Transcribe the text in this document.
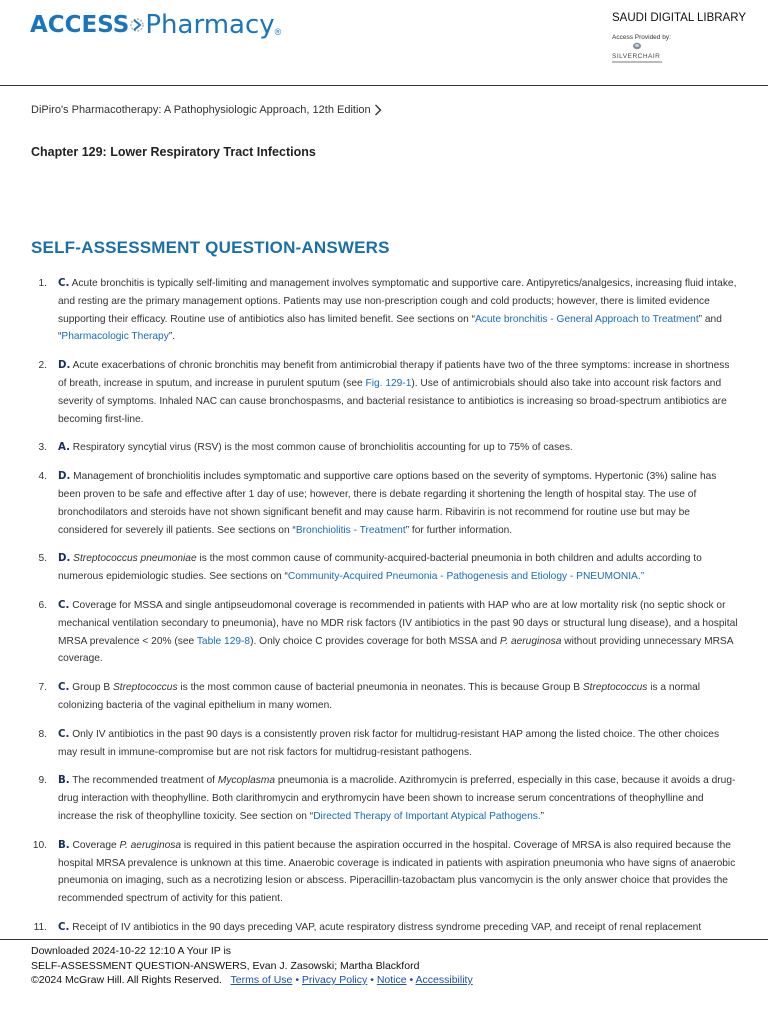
ACCESS Pharmacy ®
SAUDI DIGITAL LIBRARY
Access Provided by:
SILVERCHAIR
DiPiro's Pharmacotherapy: A Pathophysiologic Approach, 12th Edition
Chapter 129: Lower Respiratory Tract Infections
SELF-ASSESSMENT QUESTION-ANSWERS
1. C. Acute bronchitis is typically self-limiting and management involves symptomatic and supportive care. Antipyretics/analgesics, increasing fluid intake, and resting are the primary management options. Patients may use non-prescription cough and cold products; however, there is limited evidence supporting their efficacy. Routine use of antibiotics also has limited benefit. See sections on “Acute bronchitis - General Approach to Treatment” and “Pharmacologic Therapy”.
2. D. Acute exacerbations of chronic bronchitis may benefit from antimicrobial therapy if patients have two of the three symptoms: increase in shortness of breath, increase in sputum, and increase in purulent sputum (see Fig. 129-1). Use of antimicrobials should also take into account risk factors and severity of symptoms. Inhaled NAC can cause bronchospasms, and bacterial resistance to antibiotics is increasing so broad-spectrum antibiotics are becoming first-line.
3. A. Respiratory syncytial virus (RSV) is the most common cause of bronchiolitis accounting for up to 75% of cases.
4. D. Management of bronchiolitis includes symptomatic and supportive care options based on the severity of symptoms. Hypertonic (3%) saline has been proven to be safe and effective after 1 day of use; however, there is debate regarding it shortening the length of hospital stay. The use of bronchodilators and steroids have not shown significant benefit and may cause harm. Ribavirin is not recommend for routine use but may be considered for severely ill patients. See sections on “Bronchiolitis - Treatment” for further information.
5. D. Streptococcus pneumoniae is the most common cause of community-acquired-bacterial pneumonia in both children and adults according to numerous epidemiologic studies. See sections on “Community-Acquired Pneumonia - Pathogenesis and Etiology - PNEUMONIA.”
6. C. Coverage for MSSA and single antipseudomonal coverage is recommended in patients with HAP who are at low mortality risk (no septic shock or mechanical ventilation secondary to pneumonia), have no MDR risk factors (IV antibiotics in the past 90 days or structural lung disease), and a hospital MRSA prevalence < 20% (see Table 129-8). Only choice C provides coverage for both MSSA and P. aeruginosa without providing unnecessary MRSA coverage.
7. C. Group B Streptococcus is the most common cause of bacterial pneumonia in neonates. This is because Group B Streptococcus is a normal colonizing bacteria of the vaginal epithelium in many women.
8. C. Only IV antibiotics in the past 90 days is a consistently proven risk factor for multidrug-resistant HAP among the listed choice. The other choices may result in immune-compromise but are not risk factors for multidrug-resistant pathogens.
9. B. The recommended treatment of Mycoplasma pneumonia is a macrolide. Azithromycin is preferred, especially in this case, because it avoids a drug-drug interaction with theophylline. Both clarithromycin and erythromycin have been shown to increase serum concentrations of theophylline and increase the risk of theophylline toxicity. See section on “Directed Therapy of Important Atypical Pathogens.”
10. B. Coverage P. aeruginosa is required in this patient because the aspiration occurred in the hospital. Coverage of MRSA is also required because the hospital MRSA prevalence is unknown at this time. Anaerobic coverage is indicated in patients with aspiration pneumonia who have signs of anaerobic pneumonia on imaging, such as a necrotizing lesion or abscess. Piperacillin-tazobactam plus vancomycin is the only answer choice that provides the recommended spectrum of activity for this patient.
11. C. Receipt of IV antibiotics in the 90 days preceding VAP, acute respiratory distress syndrome preceding VAP, and receipt of renal replacement
Downloaded 2024-10-22 12:10 A Your IP is
SELF-ASSESSMENT QUESTION-ANSWERS, Evan J. Zasowski; Martha Blackford
©2024 McGraw Hill. All Rights Reserved. Terms of Use • Privacy Policy • Notice • Accessibility
